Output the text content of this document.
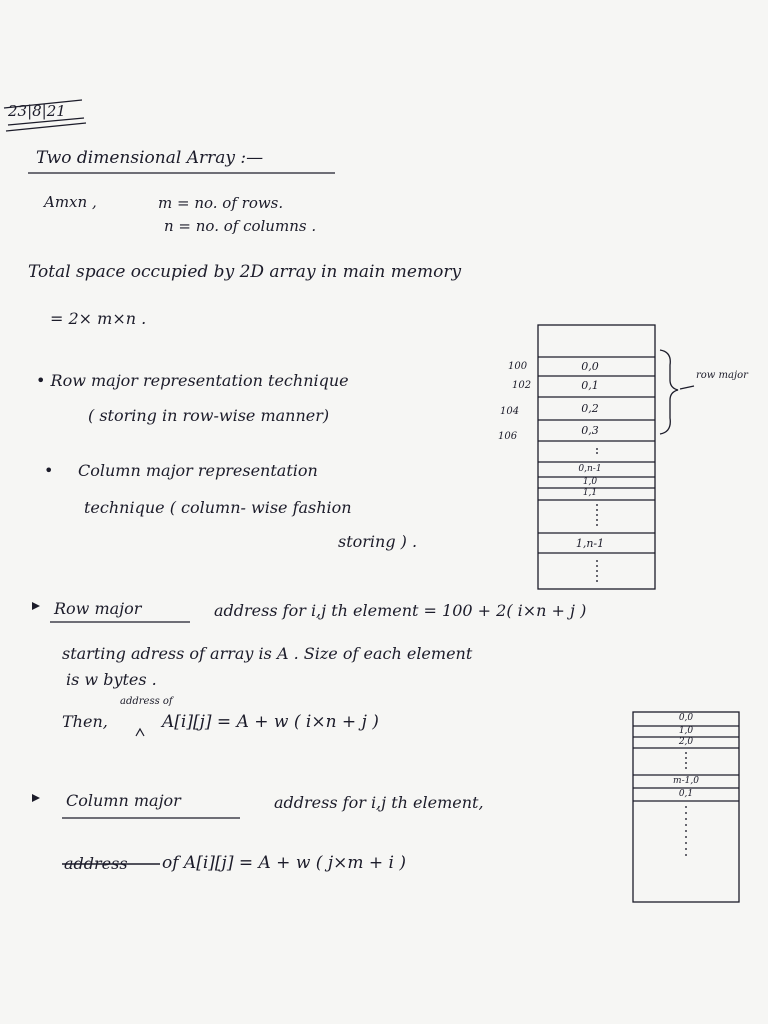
23|8|21
Two dimensional Array :—
Amxn ,	m = no. of rows.
n = no. of columns .
Total space occupied by 2D array in main memory
= 2× m×n .
• Row major representation technique
( storing in row-wise manner)
• Column major representation
technique ( column- wise fashion
storing ) .
100
102
104
106
0,0
0,1
0,2
0,3
0,n-1
1,0
1,1
1,n-1
row major
Row major	address for i,j th element = 100 + 2( i×n + j )
starting adress of array is A . Size of each element
is w bytes .
address of
Then,	A[i][j] = A + w ( i×n + j )	0,0
1,0
2,0
m-1,0
0,1
Column major	address for i,j th element,
address of A[i][j] = A + w ( j×m + i )
